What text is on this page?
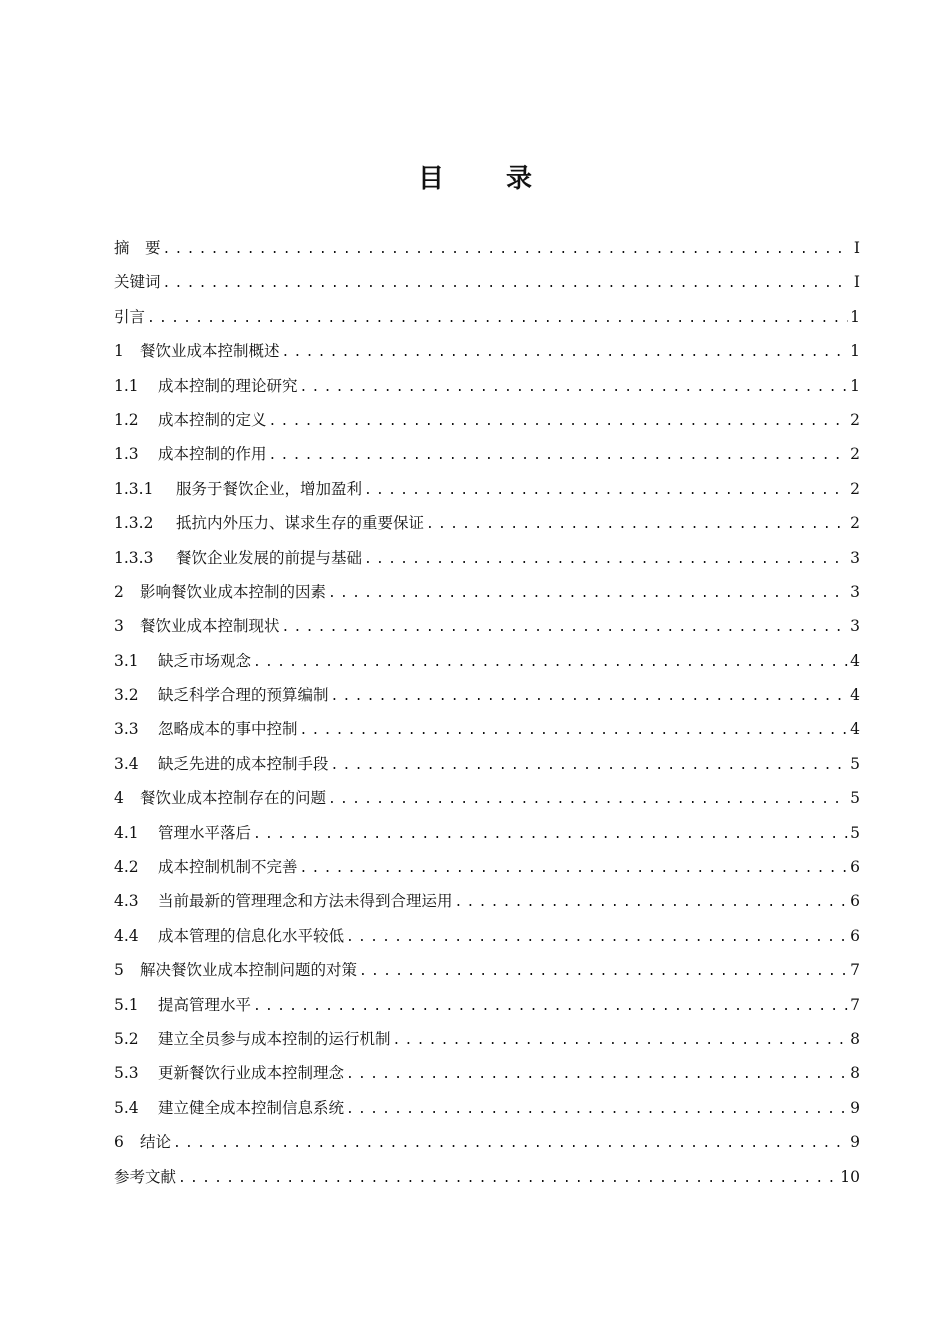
目 录
摘　要 .....	I
关键词 .....	I
引言 .....	1
1	餐饮业成本控制概述 .....	1
1.1	成本控制的理论研究 .....	1
1.2	成本控制的定义 .....	2
1.3	成本控制的作用 .....	2
1.3.1	服务于餐饮企业，增加盈利 .....	2
1.3.2	抵抗内外压力、谋求生存的重要保证 .....	2
1.3.3	餐饮企业发展的前提与基础 .....	3
2	影响餐饮业成本控制的因素 .....	3
3	餐饮业成本控制现状 .....	3
3.1	缺乏市场观念 .....	4
3.2	缺乏科学合理的预算编制 .....	4
3.3	忽略成本的事中控制 .....	4
3.4	缺乏先进的成本控制手段 .....	5
4	餐饮业成本控制存在的问题 .....	5
4.1	管理水平落后 .....	5
4.2	成本控制机制不完善 .....	6
4.3	当前最新的管理理念和方法未得到合理运用 .....	6
4.4	成本管理的信息化水平较低 .....	6
5	解决餐饮业成本控制问题的对策 .....	7
5.1	提高管理水平 .....	7
5.2	建立全员参与成本控制的运行机制 .....	8
5.3	更新餐饮行业成本控制理念 .....	8
5.4	建立健全成本控制信息系统 .....	9
6	结论 .....	9
参考文献 .....	10
